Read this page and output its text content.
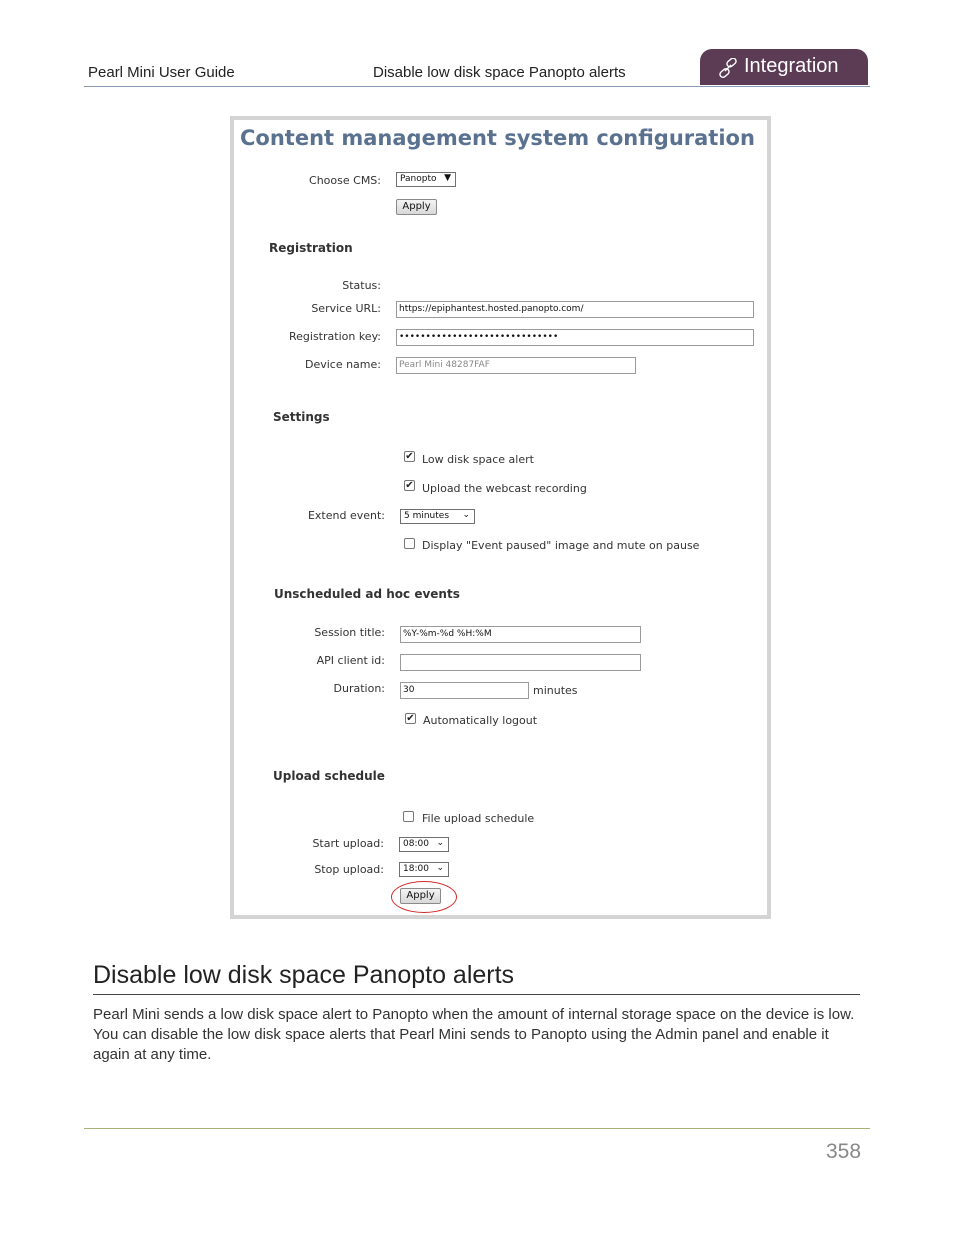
Pearl Mini User Guide	Disable low disk space Panopto alerts	Integration
Content management system configuration
Choose CMS:	Panopto ▼
Apply
Registration
Status:
Service URL:	https://epiphantest.hosted.panopto.com/
Registration key:	••••••••••••••••••••••••••••••
Device name:	Pearl Mini 48287FAF
Settings
✔ Low disk space alert
✔ Upload the webcast recording
Extend event:	5 minutes ⌄
Display "Event paused" image and mute on pause
Unscheduled ad hoc events
Session title:	%Y-%m-%d %H:%M
API client id:
Duration:	30	minutes
✔ Automatically logout
Upload schedule
File upload schedule
Start upload:	08:00 ⌄
Stop upload:	18:00 ⌄
Apply
Disable low disk space Panopto alerts
Pearl Mini sends a low disk space alert to Panopto when the amount of internal storage space on the device is low. You can disable the low disk space alerts that Pearl Mini sends to Panopto using the Admin panel and enable it again at any time.
358
